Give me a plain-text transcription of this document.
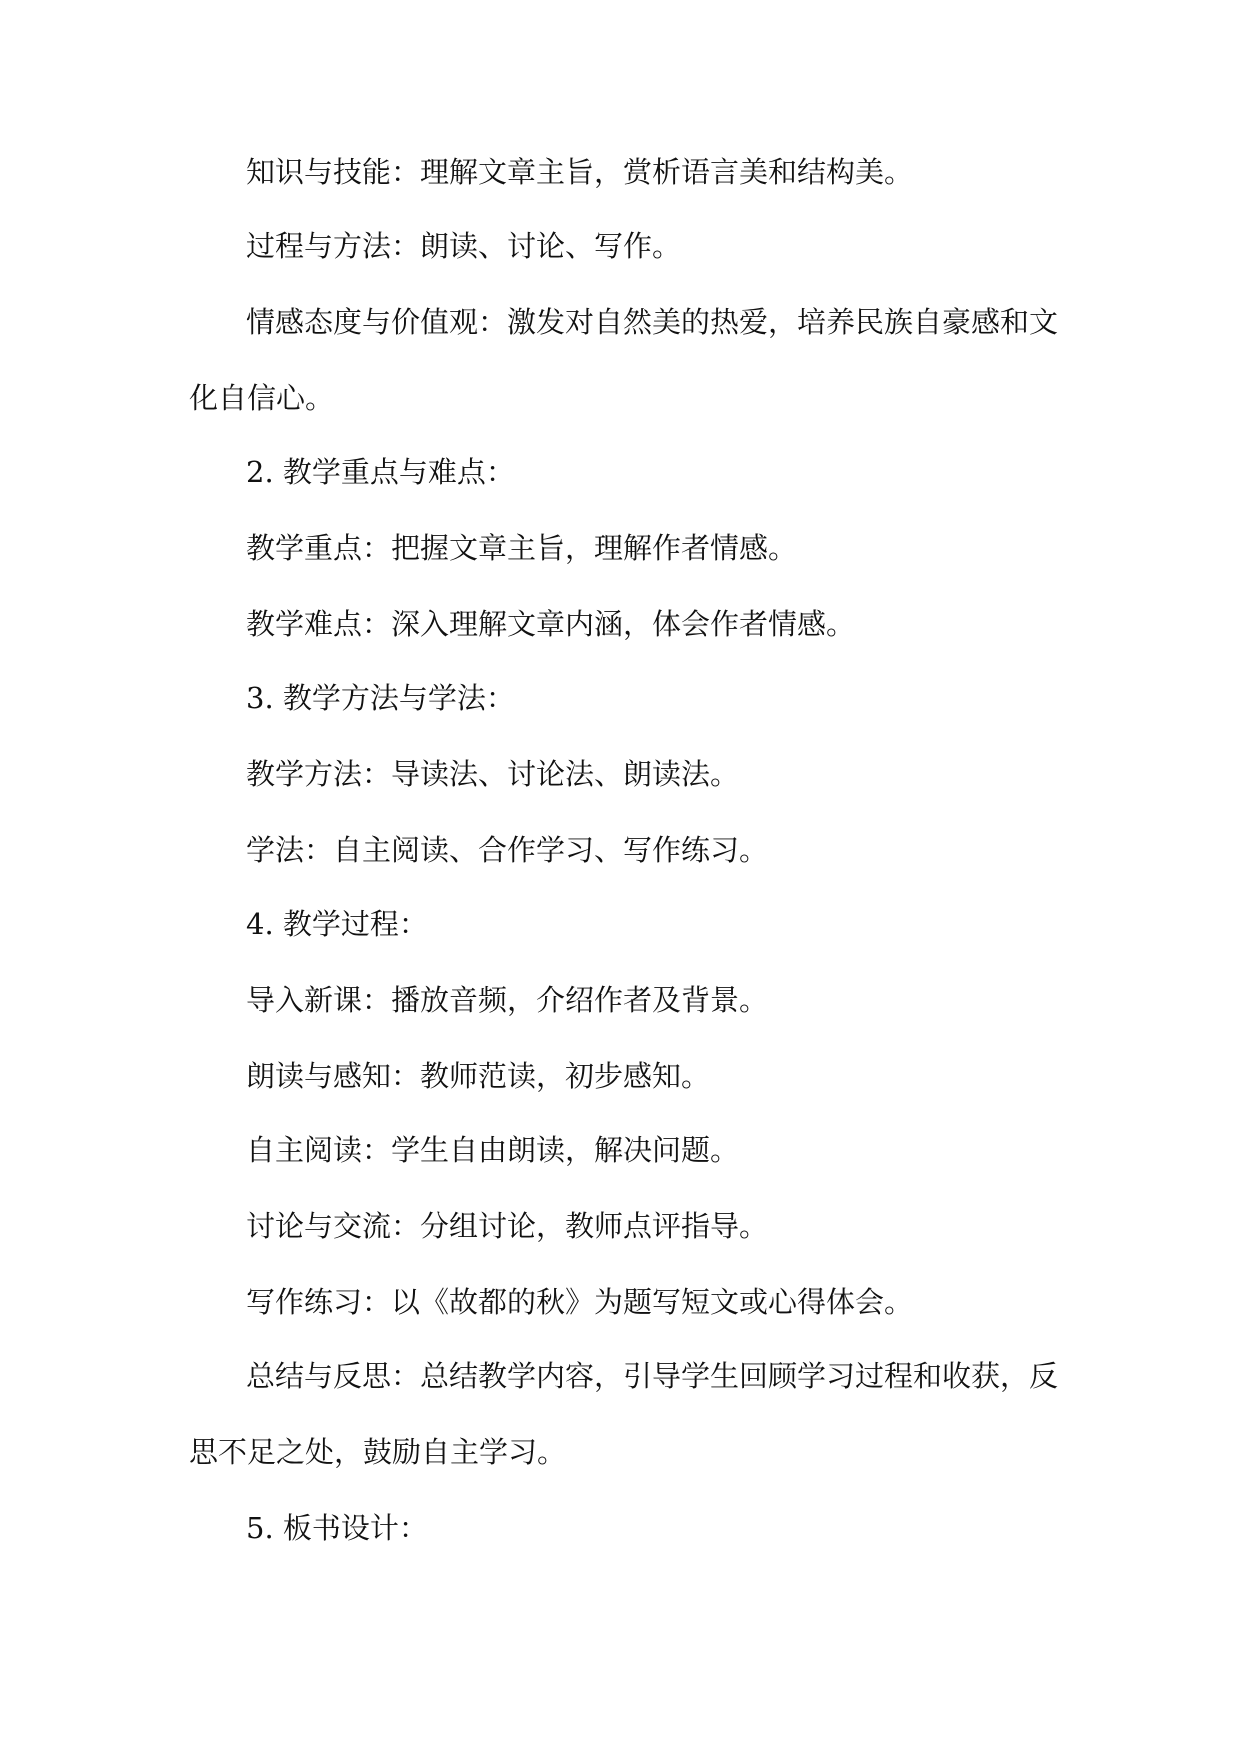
知识与技能：理解文章主旨，赏析语言美和结构美。
过程与方法：朗读、讨论、写作。
情感态度与价值观：激发对自然美的热爱，培养民族自豪感和文
化自信心。
2. 教学重点与难点：
教学重点：把握文章主旨，理解作者情感。
教学难点：深入理解文章内涵，体会作者情感。
3. 教学方法与学法：
教学方法：导读法、讨论法、朗读法。
学法：自主阅读、合作学习、写作练习。
4. 教学过程：
导入新课：播放音频，介绍作者及背景。
朗读与感知：教师范读，初步感知。
自主阅读：学生自由朗读，解决问题。
讨论与交流：分组讨论，教师点评指导。
写作练习：以《故都的秋》为题写短文或心得体会。
总结与反思：总结教学内容，引导学生回顾学习过程和收获，反
思不足之处，鼓励自主学习。
5. 板书设计：
